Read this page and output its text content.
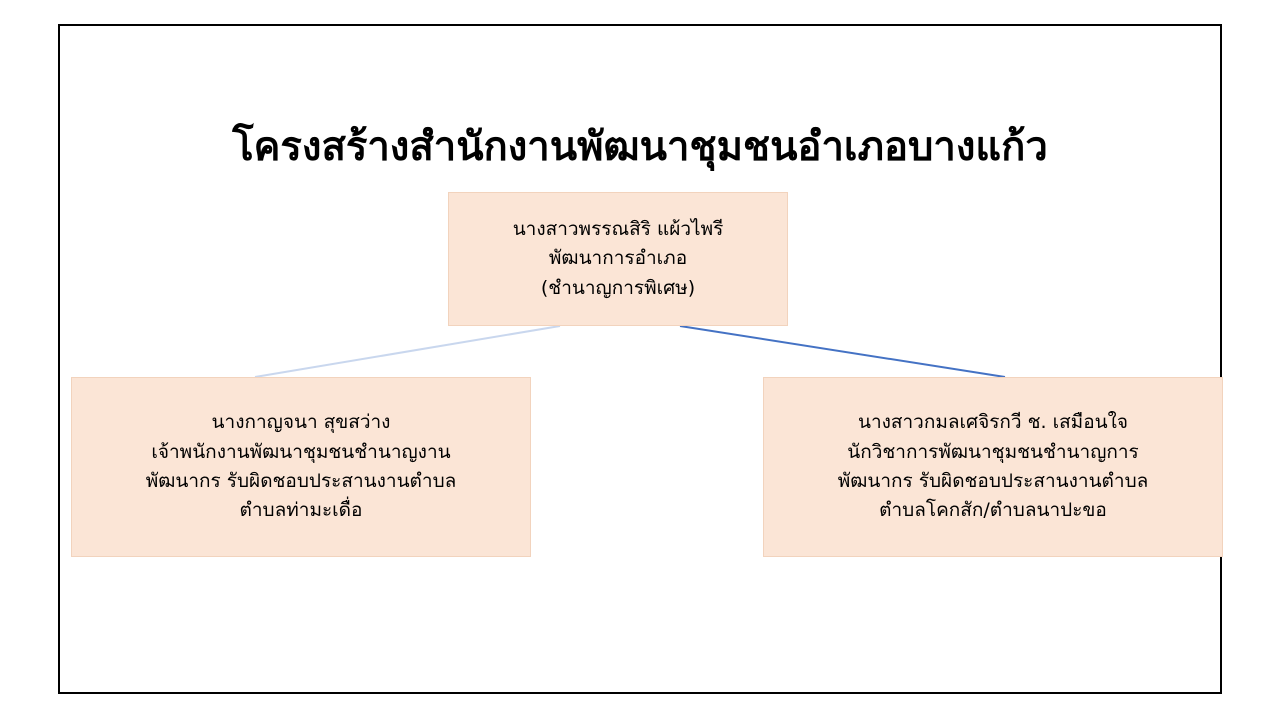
โครงสร้างสำนักงานพัฒนาชุมชนอำเภอบางแก้ว
นางสาวพรรณสิริ แผ้วไพรี
พัฒนาการอำเภอ
(ชำนาญการพิเศษ)
นางกาญจนา สุขสว่าง
เจ้าพนักงานพัฒนาชุมชนชำนาญงาน
พัฒนากร รับผิดชอบประสานงานตำบล
ตำบลท่ามะเดื่อ
นางสาวกมลเศจิรกวี ช. เสมือนใจ
นักวิชาการพัฒนาชุมชนชำนาญการ
พัฒนากร รับผิดชอบประสานงานตำบล
ตำบลโคกสัก/ตำบลนาปะขอ
